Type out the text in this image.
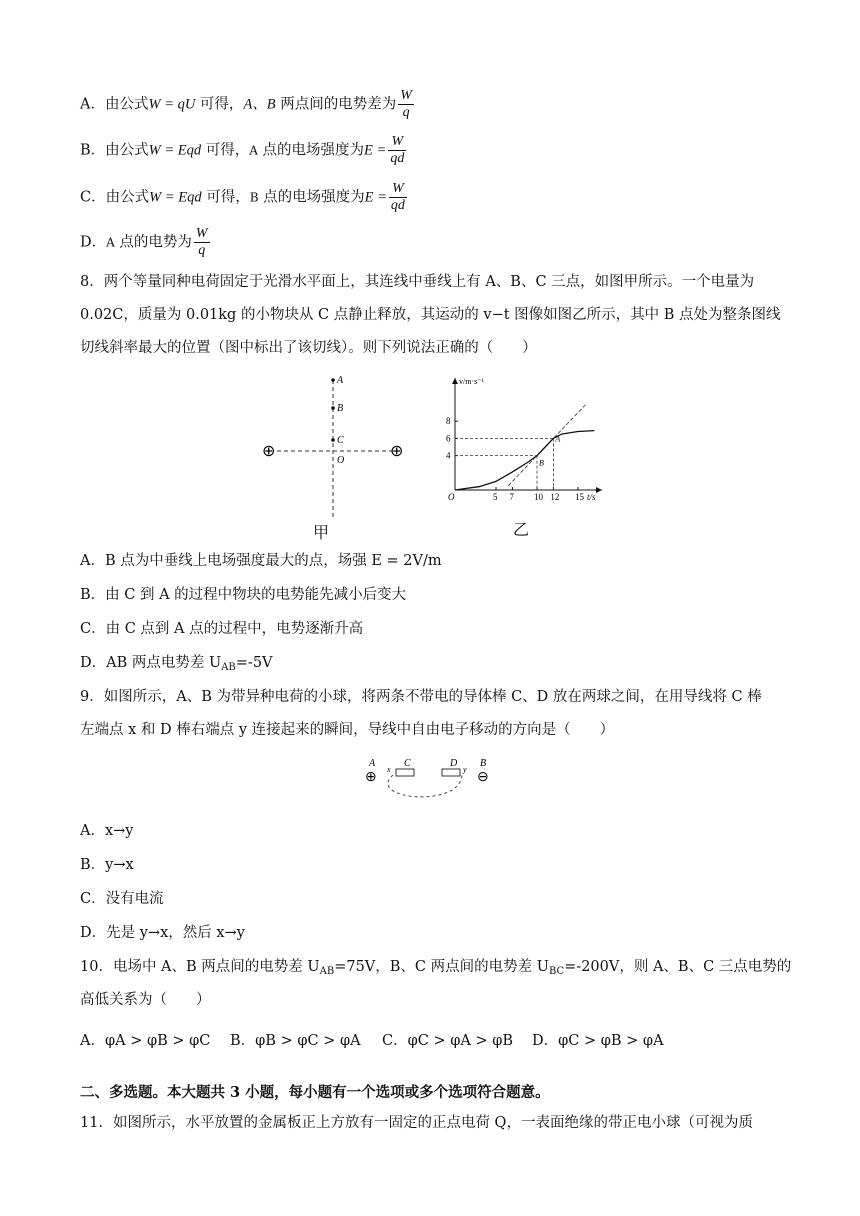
A．由公式W = qU 可得，A、B 两点间的电势差为 $\frac{W}{q}$
B．由公式W = Eqd 可得，A 点的电场强度为$E = \frac{W}{qd}$
C．由公式W = Eqd 可得，B 点的电场强度为$E = \frac{W}{qd}$
D．A 点的电势为 $\frac{W}{q}$
8．两个等量同种电荷固定于光滑水平面上，其连线中垂线上有 A、B、C 三点，如图甲所示。一个电量为
0.02C，质量为 0.01kg 的小物块从 C 点静止释放，其运动的 v−t 图像如图乙所示，其中 B 点处为整条图线
切线斜率最大的位置（图中标出了该切线）。则下列说法正确的（　　）
A
B
C
O
⊕	⊕
甲
v/m·s⁻¹
t/s
O	5 7 10 12 15
4
6
8
A
B
乙
A．B 点为中垂线上电场强度最大的点，场强 E = 2V/m
B．由 C 到 A 的过程中物块的电势能先减小后变大
C．由 C 点到 A 点的过程中，电势逐渐升高
D．AB 两点电势差 $U_{AB}=-5V$
9．如图所示，A、B 为带异种电荷的小球，将两条不带电的导体棒 C、D 放在两球之间，在用导线将 C 棒
左端点 x 和 D 棒右端点 y 连接起来的瞬间，导线中自由电子移动的方向是（　　）
A
⊕
x
C	D
y
B
⊖
A．x→y
B．y→x
C．没有电流
D．先是 y→x，然后 x→y
10．电场中 A、B 两点间的电势差 $U_{AB}=75V$，B、C 两点间的电势差 $U_{BC}=-200V$，则 A、B、C 三点电势的
高低关系为（　　）
A．φA > φB > φC B．φB > φC > φA C．φC > φA > φB D．φC > φB > φA
二、多选题。本大题共 3 小题，每小题有一个选项或多个选项符合题意。
11．如图所示，水平放置的金属板正上方放有一固定的正点电荷 Q，一表面绝缘的带正电小球（可视为质
